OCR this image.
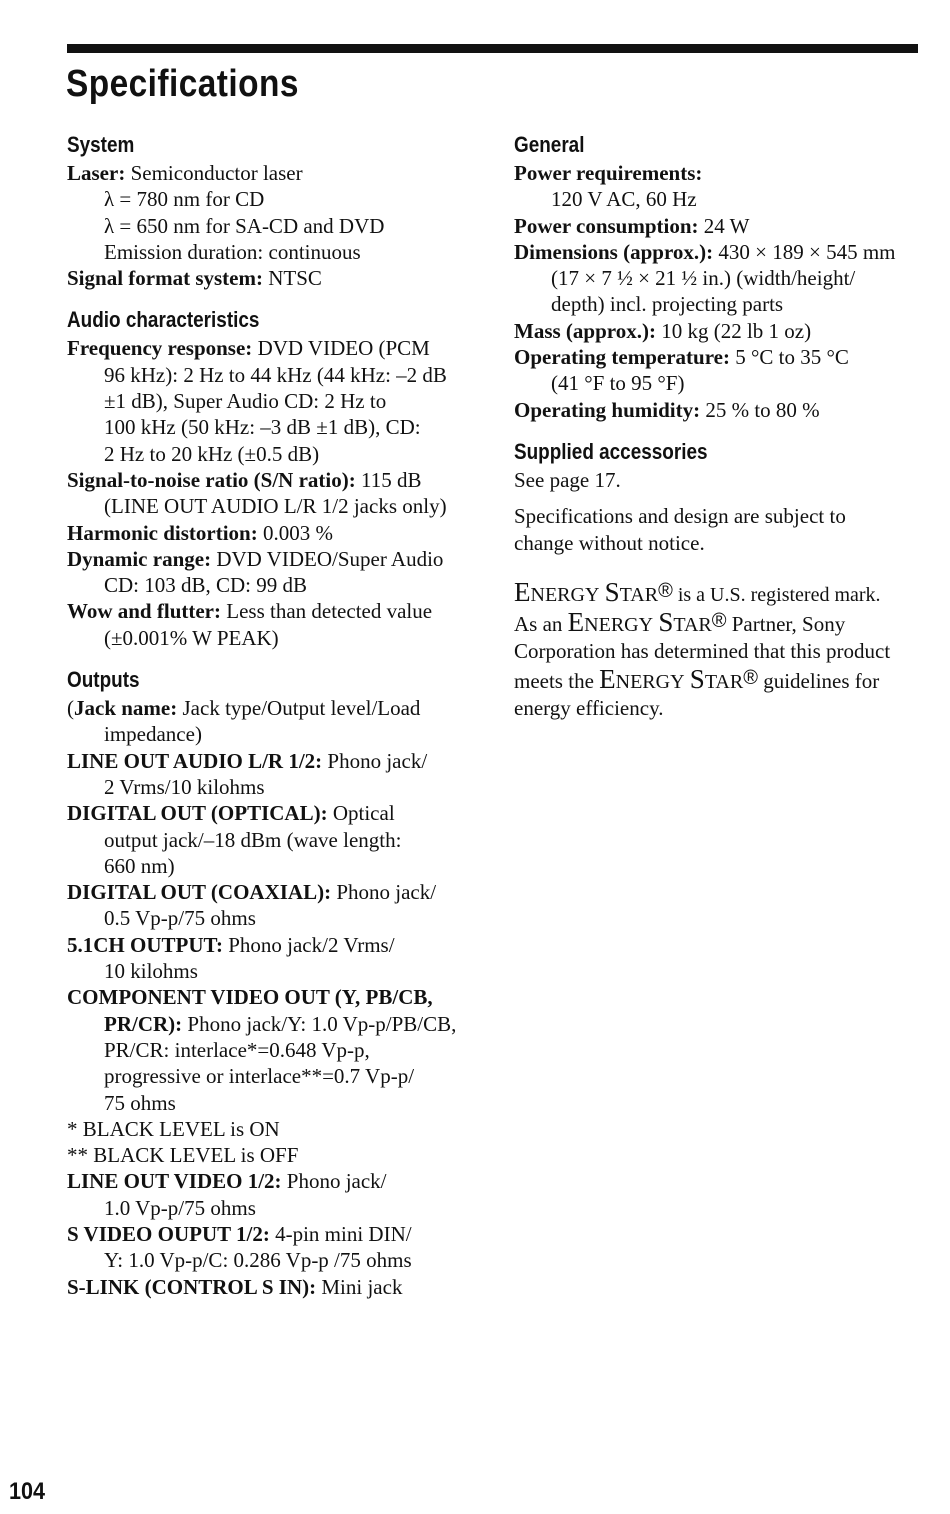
Specifications
System

Laser: Semiconductor laser

λ = 780 nm for CD

λ = 650 nm for SA-CD and DVD

Emission duration: continuous

Signal format system: NTSC

Audio characteristics

Frequency response: DVD VIDEO (PCM

96 kHz): 2 Hz to 44 kHz (44 kHz: –2 dB

±1 dB), Super Audio CD: 2 Hz to

100 kHz (50 kHz: –3 dB ±1 dB), CD:

2 Hz to 20 kHz (±0.5 dB)

Signal-to-noise ratio (S/N ratio): 115 dB

(LINE OUT AUDIO L/R 1/2 jacks only)

Harmonic distortion: 0.003 %

Dynamic range: DVD VIDEO/Super Audio

CD: 103 dB, CD: 99 dB

Wow and flutter: Less than detected value

(±0.001% W PEAK)

Outputs

(Jack name: Jack type/Output level/Load

impedance)

LINE OUT AUDIO L/R 1/2: Phono jack/

2 Vrms/10 kilohms

DIGITAL OUT (OPTICAL): Optical

output jack/–18 dBm (wave length:

660 nm)

DIGITAL OUT (COAXIAL): Phono jack/

0.5 Vp-p/75 ohms

5.1CH OUTPUT: Phono jack/2 Vrms/

10 kilohms

COMPONENT VIDEO OUT (Y, PB/CB,

PR/CR): Phono jack/Y: 1.0 Vp-p/PB/CB,

PR/CR: interlace*=0.648 Vp-p,

progressive or interlace**=0.7 Vp-p/

75 ohms

* BLACK LEVEL is ON

** BLACK LEVEL is OFF

LINE OUT VIDEO 1/2: Phono jack/

1.0 Vp-p/75 ohms

S VIDEO OUPUT 1/2: 4-pin mini DIN/

Y: 1.0 Vp-p/C: 0.286 Vp-p /75 ohms

S-LINK (CONTROL S IN): Mini jack

General

Power requirements:

120 V AC, 60 Hz

Power consumption: 24 W

Dimensions (approx.): 430 × 189 × 545 mm

(17 × 7 ½ × 21 ½ in.) (width/height/

depth) incl. projecting parts

Mass (approx.): 10 kg (22 lb 1 oz)

Operating temperature: 5 °C to 35 °C

(41 °F to 95 °F)

Operating humidity: 25 % to 80 %

Supplied accessories

See page 17.

Specifications and design are subject to
change without notice.

ENERGY STAR® is a U.S. registered mark.

As an ENERGY STAR® Partner, Sony

Corporation has determined that this product

meets the ENERGY STAR® guidelines for

energy efficiency.

104
